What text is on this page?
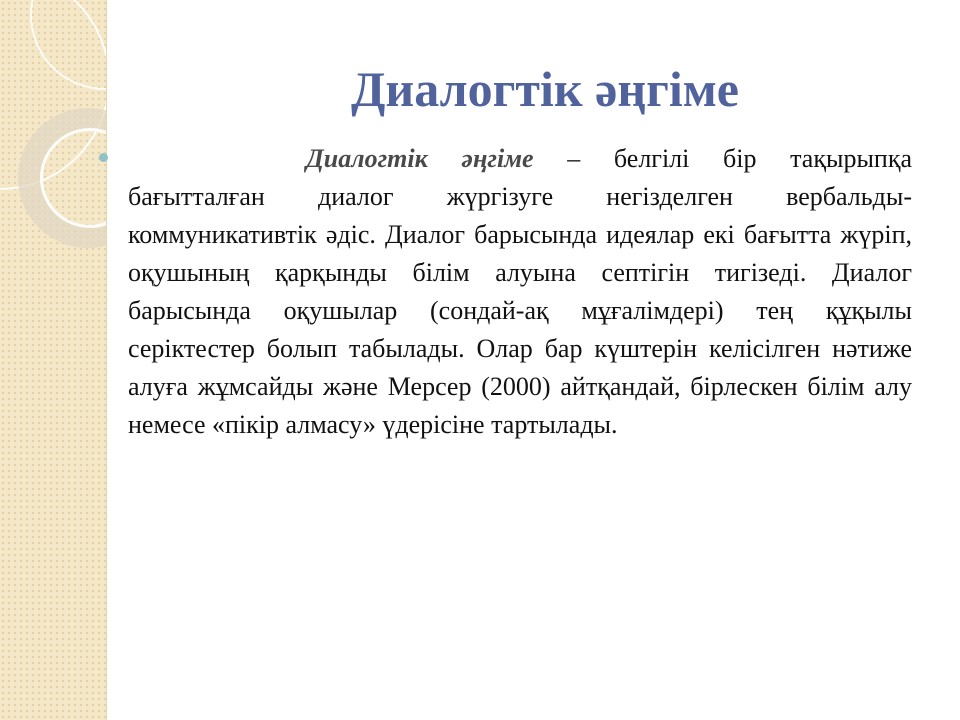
Диалогтік әңгіме

Диалогтік әңгіме – белгілі бір тақырыпқа бағытталған диалог жүргізуге негізделген вербальды-коммуникативтік әдіс. Диалог барысында идеялар екі бағытта жүріп, оқушының қарқынды білім алуына септігін тигізеді. Диалог барысында оқушылар (сондай-ақ мұғалімдері) тең құқылы серіктестер болып табылады. Олар бар күштерін келісілген нәтиже алуға жұмсайды және Мерсер (2000) айтқандай, бірлескен білім алу немесе «пікір алмасу» үдерісіне тартылады.
